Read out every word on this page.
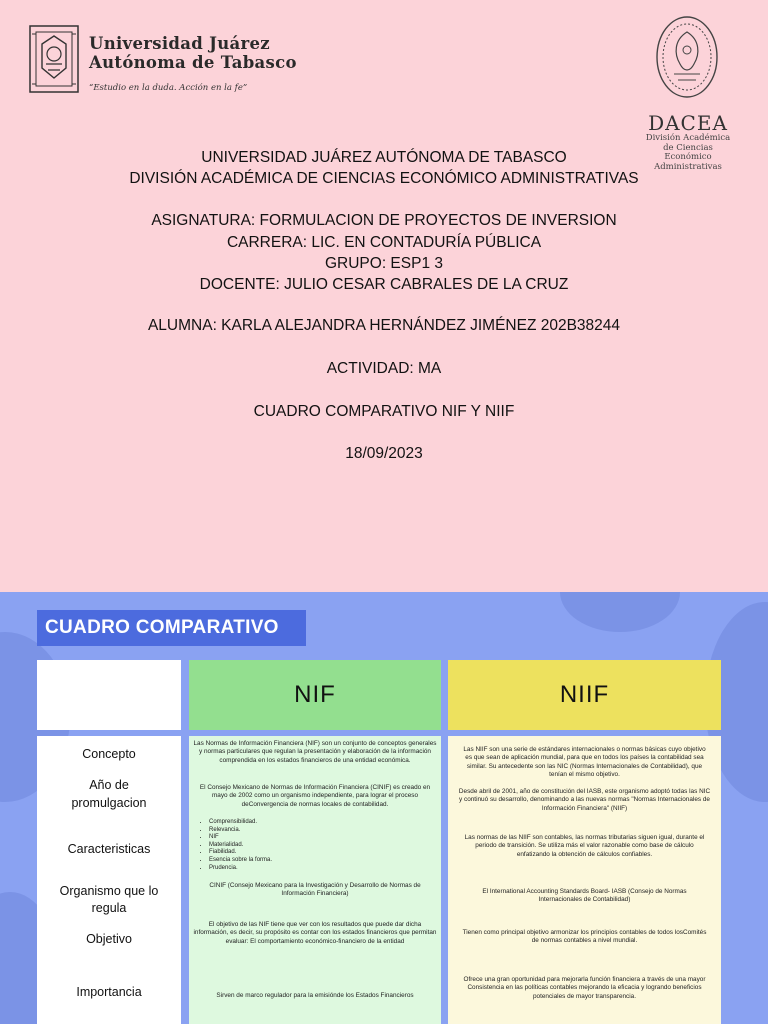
Universidad Juárez
Autónoma de Tabasco
“Estudio en la duda. Acción en la fe”
DACEA
División Académica
de Ciencias Económico
Administrativas
UNIVERSIDAD JUÁREZ AUTÓNOMA DE TABASCO
DIVISIÓN ACADÉMICA DE CIENCIAS ECONÓMICO ADMINISTRATIVAS
ASIGNATURA: FORMULACION DE PROYECTOS DE INVERSION
CARRERA: LIC. EN CONTADURÍA PÚBLICA
GRUPO: ESP1 3
DOCENTE: JULIO CESAR CABRALES DE LA CRUZ
ALUMNA: KARLA ALEJANDRA HERNÁNDEZ JIMÉNEZ 202B38244
ACTIVIDAD: MA
CUADRO COMPARATIVO NIF Y NIIF
18/09/2023
CUADRO COMPARATIVO
NIF	NIIF
Concepto
Año de
promulgacion
Caracteristicas
Organismo que lo
regula
Objetivo
Importancia
Las Normas de Información Financiera (NIF) son un conjunto de conceptos generales y normas particulares que regulan la presentación y elaboración de la información comprendida en los estados financieros de una entidad económica.
El Consejo Mexicano de Normas de Información Financiera (CINIF) es creado en mayo de 2002 como un organismo independiente, para lograr el proceso deConvergencia de normas locales de contabilidad.
• Comprensibilidad.
• Relevancia.
• NIF
• Materialidad.
• Fiabilidad.
• Esencia sobre la forma.
• Prudencia.
CINIF (Consejo Mexicano para la Investigación y Desarrollo de Normas de Información Financiera)
El objetivo de las NIF tiene que ver con los resultados que puede dar dicha información, es decir, su propósito es contar con los estados financieros que permitan evaluar: El comportamiento económico-financiero de la entidad
Sirven de marco regulador para la emisiónde los Estados Financieros
Las NIIF son una serie de estándares internacionales o normas básicas cuyo objetivo es que sean de aplicación mundial, para que en todos los países la contabilidad sea similar. Su antecedente son las NIC (Normas Internacionales de Contabilidad), que tenían el mismo objetivo.
Desde abril de 2001, año de constitución del IASB, este organismo adoptó todas las NIC y continuó su desarrollo, denominando a las nuevas normas "Normas Internacionales de Información Financiera" (NIIF)
Las normas de las NIIF son contables, las normas tributarias siguen igual, durante el periodo de transición. Se utiliza más el valor razonable como base de cálculo enfatizando la obtención de cálculos confiables.
El International Accounting Standards Board- IASB (Consejo de Normas Internacionales de Contabilidad)
Tienen como principal objetivo armonizar los principios contables de todos losComités de normas contables a nivel mundial.
Ofrece una gran oportunidad para mejorarla función financiera a través de una mayor Consistencia en las políticas contables mejorando la eficacia y logrando beneficios potenciales de mayor transparencia.
